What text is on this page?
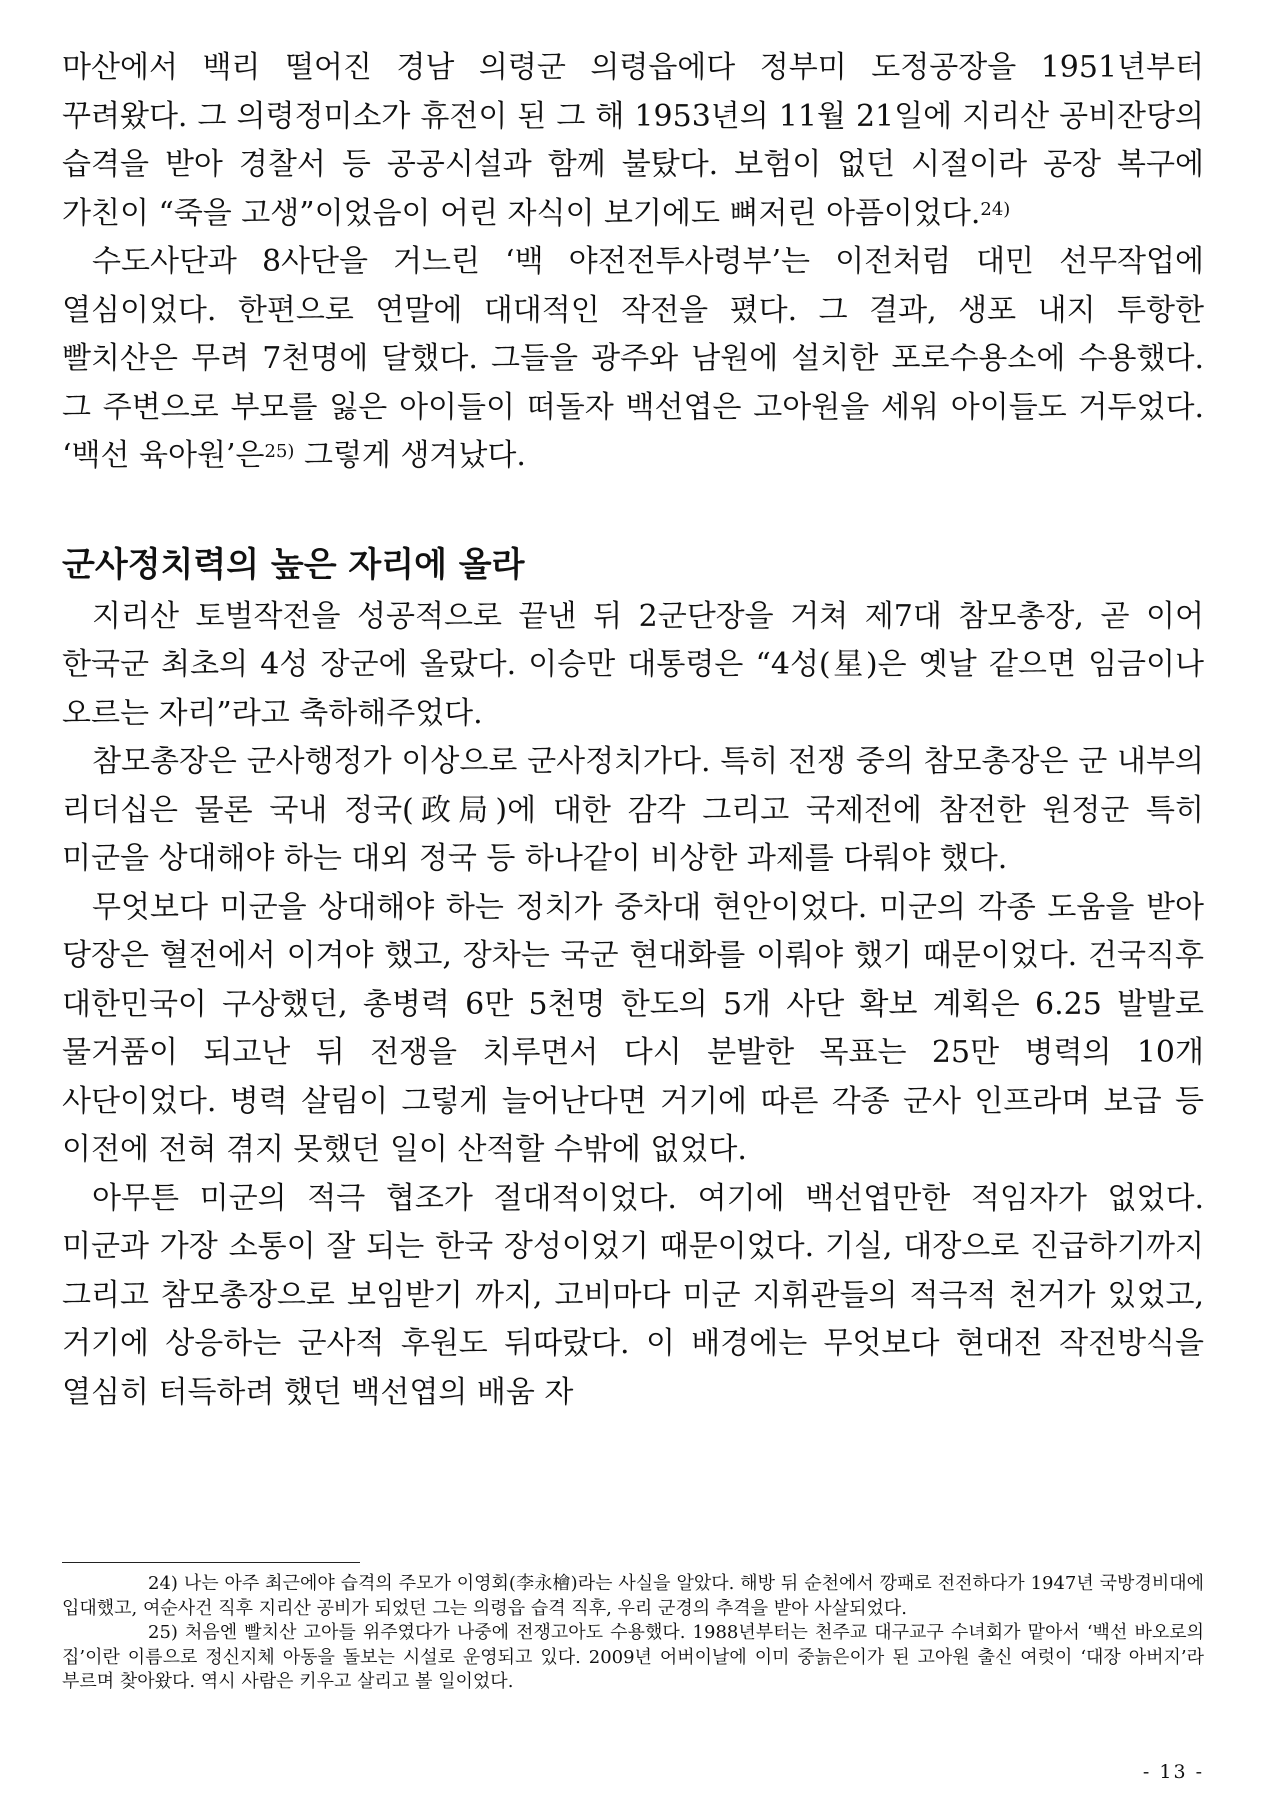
마산에서 백리 떨어진 경남 의령군 의령읍에다 정부미 도정공장을 1951년부터 꾸려왔다. 그 의령정미소가 휴전이 된 그 해 1953년의 11월 21일에 지리산 공비잔당의 습격을 받아 경찰서 등 공공시설과 함께 불탔다. 보험이 없던 시절이라 공장 복구에 가친이 “죽을 고생”이었음이 어린 자식이 보기에도 뼈저린 아픔이었다.$^{24)}$

수도사단과 8사단을 거느린 ‘백 야전전투사령부’는 이전처럼 대민 선무작업에 열심이었다. 한편으로 연말에 대대적인 작전을 폈다. 그 결과, 생포 내지 투항한 빨치산은 무려 7천명에 달했다. 그들을 광주와 남원에 설치한 포로수용소에 수용했다. 그 주변으로 부모를 잃은 아이들이 떠돌자 백선엽은 고아원을 세워 아이들도 거두었다. ‘백선 육아원’은$^{25)}$ 그렇게 생겨났다.

군사정치력의 높은 자리에 올라

지리산 토벌작전을 성공적으로 끝낸 뒤 2군단장을 거쳐 제7대 참모총장, 곧 이어 한국군 최초의 4성 장군에 올랐다. 이승만 대통령은 “4성(星)은 옛날 같으면 임금이나 오르는 자리”라고 축하해주었다.

참모총장은 군사행정가 이상으로 군사정치가다. 특히 전쟁 중의 참모총장은 군 내부의 리더십은 물론 국내 정국(政局)에 대한 감각 그리고 국제전에 참전한 원정군 특히 미군을 상대해야 하는 대외 정국 등 하나같이 비상한 과제를 다뤄야 했다.

무엇보다 미군을 상대해야 하는 정치가 중차대 현안이었다. 미군의 각종 도움을 받아 당장은 혈전에서 이겨야 했고, 장차는 국군 현대화를 이뤄야 했기 때문이었다. 건국직후 대한민국이 구상했던, 총병력 6만 5천명 한도의 5개 사단 확보 계획은 6.25 발발로 물거품이 되고난 뒤 전쟁을 치루면서 다시 분발한 목표는 25만 병력의 10개 사단이었다. 병력 살림이 그렇게 늘어난다면 거기에 따른 각종 군사 인프라며 보급 등 이전에 전혀 겪지 못했던 일이 산적할 수밖에 없었다.

아무튼 미군의 적극 협조가 절대적이었다. 여기에 백선엽만한 적임자가 없었다. 미군과 가장 소통이 잘 되는 한국 장성이었기 때문이었다. 기실, 대장으로 진급하기까지 그리고 참모총장으로 보임받기 까지, 고비마다 미군 지휘관들의 적극적 천거가 있었고, 거기에 상응하는 군사적 후원도 뒤따랐다. 이 배경에는 무엇보다 현대전 작전방식을 열심히 터득하려 했던 백선엽의 배움 자

24) 나는 아주 최근에야 습격의 주모가 이영회(李永檜)라는 사실을 알았다. 해방 뒤 순천에서 깡패로 전전하다가 1947년 국방경비대에 입대했고, 여순사건 직후 지리산 공비가 되었던 그는 의령읍 습격 직후, 우리 군경의 추격을 받아 사살되었다.

25) 처음엔 빨치산 고아들 위주였다가 나중에 전쟁고아도 수용했다. 1988년부터는 천주교 대구교구 수녀회가 맡아서 ‘백선 바오로의 집’이란 이름으로 정신지체 아동을 돌보는 시설로 운영되고 있다. 2009년 어버이날에 이미 중늙은이가 된 고아원 출신 여럿이 ‘대장 아버지’라 부르며 찾아왔다. 역시 사람은 키우고 살리고 볼 일이었다.

- 13 -
